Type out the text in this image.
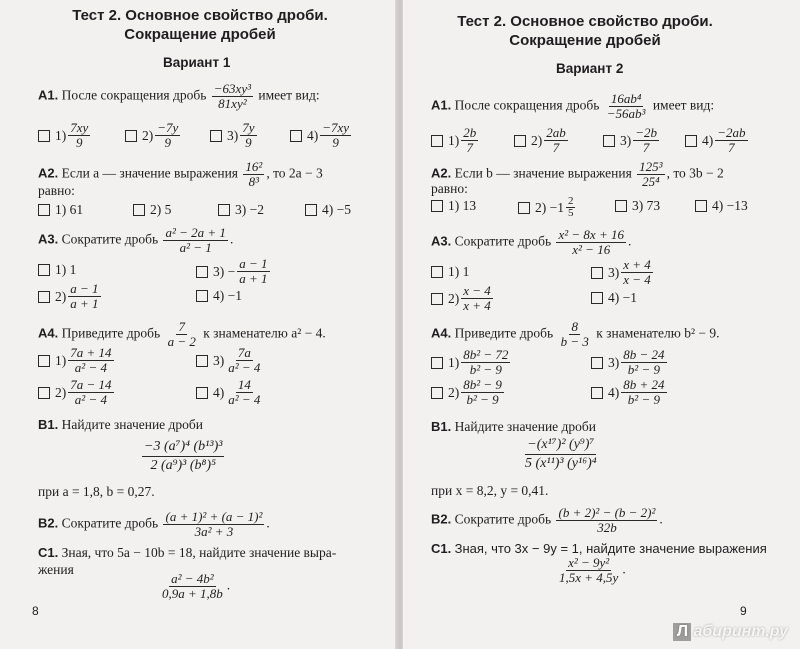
Тест 2. Основное свойство дроби.
Сокращение дробей
Вариант 1
А1. После сокращения дробь $\frac{\text{−63xy³}}{\text{81xy²}}$ имеет вид:
$1) \frac{7xy}{9}$	$2) \frac{-7y}{9}$	$3) \frac{7y}{9}$	$4) \frac{-7xy}{9}$
А2. Если a — значение выражения $\frac{\text{16²}}{\text{8³}}$ , то 2a − 3
равно:
1) 61	2) 5	3) −2	4) −5
А3. Сократите дробь $\frac{\text{a² − 2a + 1}}{\text{a² − 1}}$ .
1) 1	3)
− $\frac{a - 1}{a + 1}$
$2) \frac{a - 1}{a + 1}$	4) −1
А4. Приведите дробь $\frac{7}{a - 2}$ к знаменателю a² − 4.
$1) \frac{7a + 14}{\text{a² − 4}}$	$3) \frac{7a}{\text{a² − 4}}$
$2) \frac{7a - 14}{\text{a² − 4}}$	$4) \frac{14}{\text{a² − 4}}$
В1. Найдите значение дроби
$\frac{\text{−3 (a⁷)⁴ (b¹³)³}}{\text{2 (a⁹)³ (b⁸)⁵}}$
при a = 1,8, b = 0,27.
В2. Сократите дробь $\frac{\text{(a + 1)² + (a − 1)²}}{\text{3a² + 3}}$ .
С1. Зная, что 5a − 10b = 18, найдите значение выра-
жения
$\frac{\text{a² − 4b²}}{0,9a + 1,8b}$ .
8
Тест 2. Основное свойство дроби.
Сокращение дробей
Вариант 2
А1. После сокращения дробь $\frac{\text{16ab⁴}}{\text{−56ab³}}$ имеет вид:
$1) \frac{2b}{7}$	$2) \frac{2ab}{7}$	$3) \frac{-2b}{7}$	$4) \frac{-2ab}{7}$
А2. Если b — значение выражения $\frac{\text{125³}}{\text{25⁴}}$ , то 3b − 2
равно:
1) 13	$2) -1 \frac{2}{5}$	3) 73	4) −13
А3. Сократите дробь $\frac{\text{x² − 8x + 16}}{\text{x² − 16}}$ .
1) 1	$3) \frac{x + 4}{x - 4}$
$2) \frac{x - 4}{x + 4}$	4) −1
А4. Приведите дробь $\frac{8}{b - 3}$ к знаменателю b² − 9.
$1) \frac{\text{8b² − 72}}{\text{b² − 9}}$	$3) \frac{8b - 24}{\text{b² − 9}}$
$2) \frac{\text{8b² − 9}}{\text{b² − 9}}$	$4) \frac{8b + 24}{\text{b² − 9}}$
В1. Найдите значение дроби
$\frac{\text{−(x¹⁷)² (y⁹)⁷}}{\text{5 (x¹¹)³ (y¹⁶)⁴}}$
при x = 8,2, y = 0,41.
В2. Сократите дробь $\frac{\text{(b + 2)² − (b − 2)²}}{32b}$ .
С1. Зная, что 3x − 9y = 1, найдите значение выражения
$\frac{\text{x² − 9y²}}{1,5x + 4,5y}$ .
9
Л абиринт.ру
